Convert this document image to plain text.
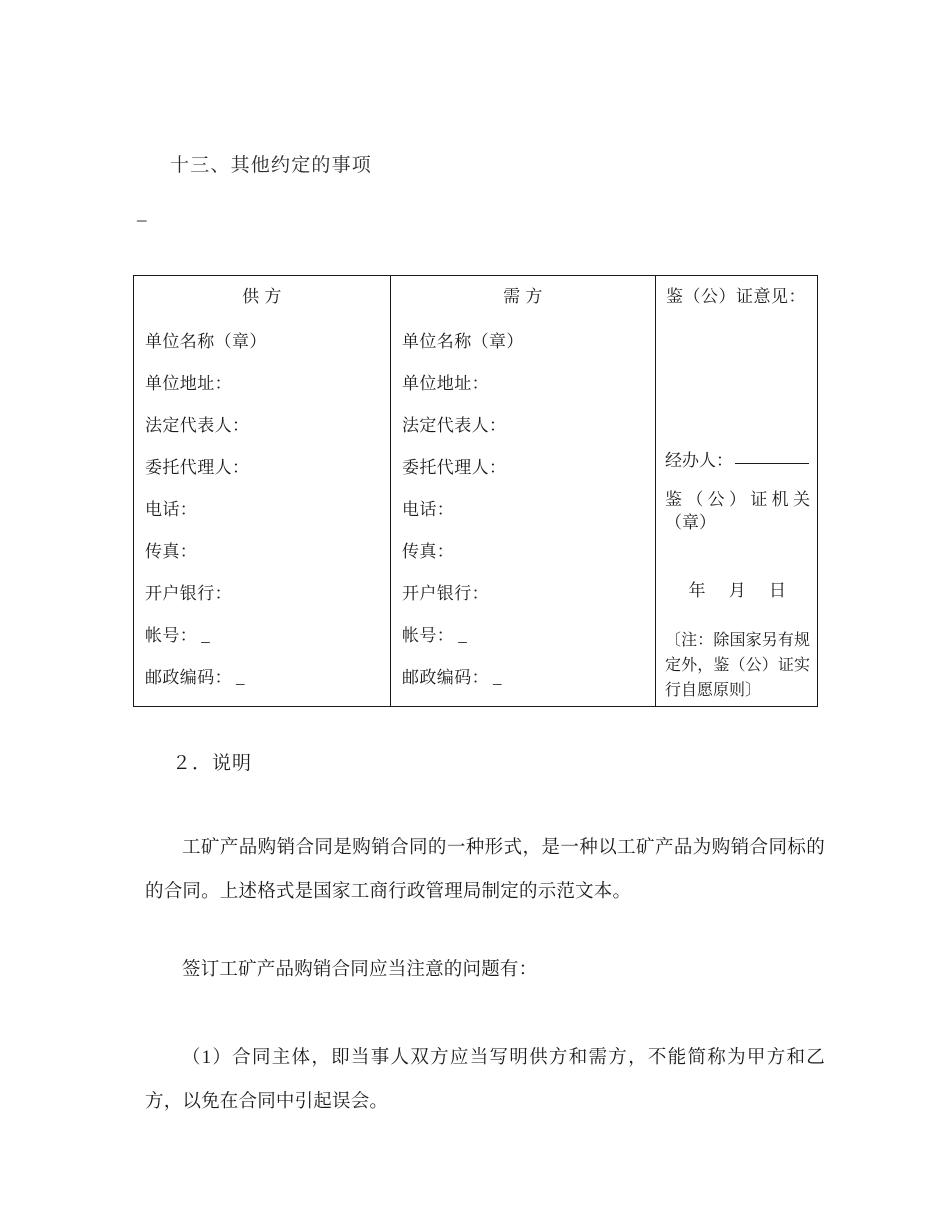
十三、其他约定的事项
_
供 方
单位名称（章）
单位地址：
法定代表人：
委托代理人：
电话：
传真：
开户银行：
帐号： _
邮政编码： _
需 方
单位名称（章）
单位地址：
法定代表人：
委托代理人：
电话：
传真：
开户银行：
帐号： _
邮政编码： _
鉴（公）证意见：
经办人：
鉴（公）证机关
（章）
年 月 日
〔注：除国家另有规定外，鉴（公）证实行自愿原则〕
２．说明
工矿产品购销合同是购销合同的一种形式，是一种以工矿产品为购销合同标的的合同。上述格式是国家工商行政管理局制定的示范文本。
签订工矿产品购销合同应当注意的问题有：
（1）合同主体，即当事人双方应当写明供方和需方，不能简称为甲方和乙方，以免在合同中引起误会。
